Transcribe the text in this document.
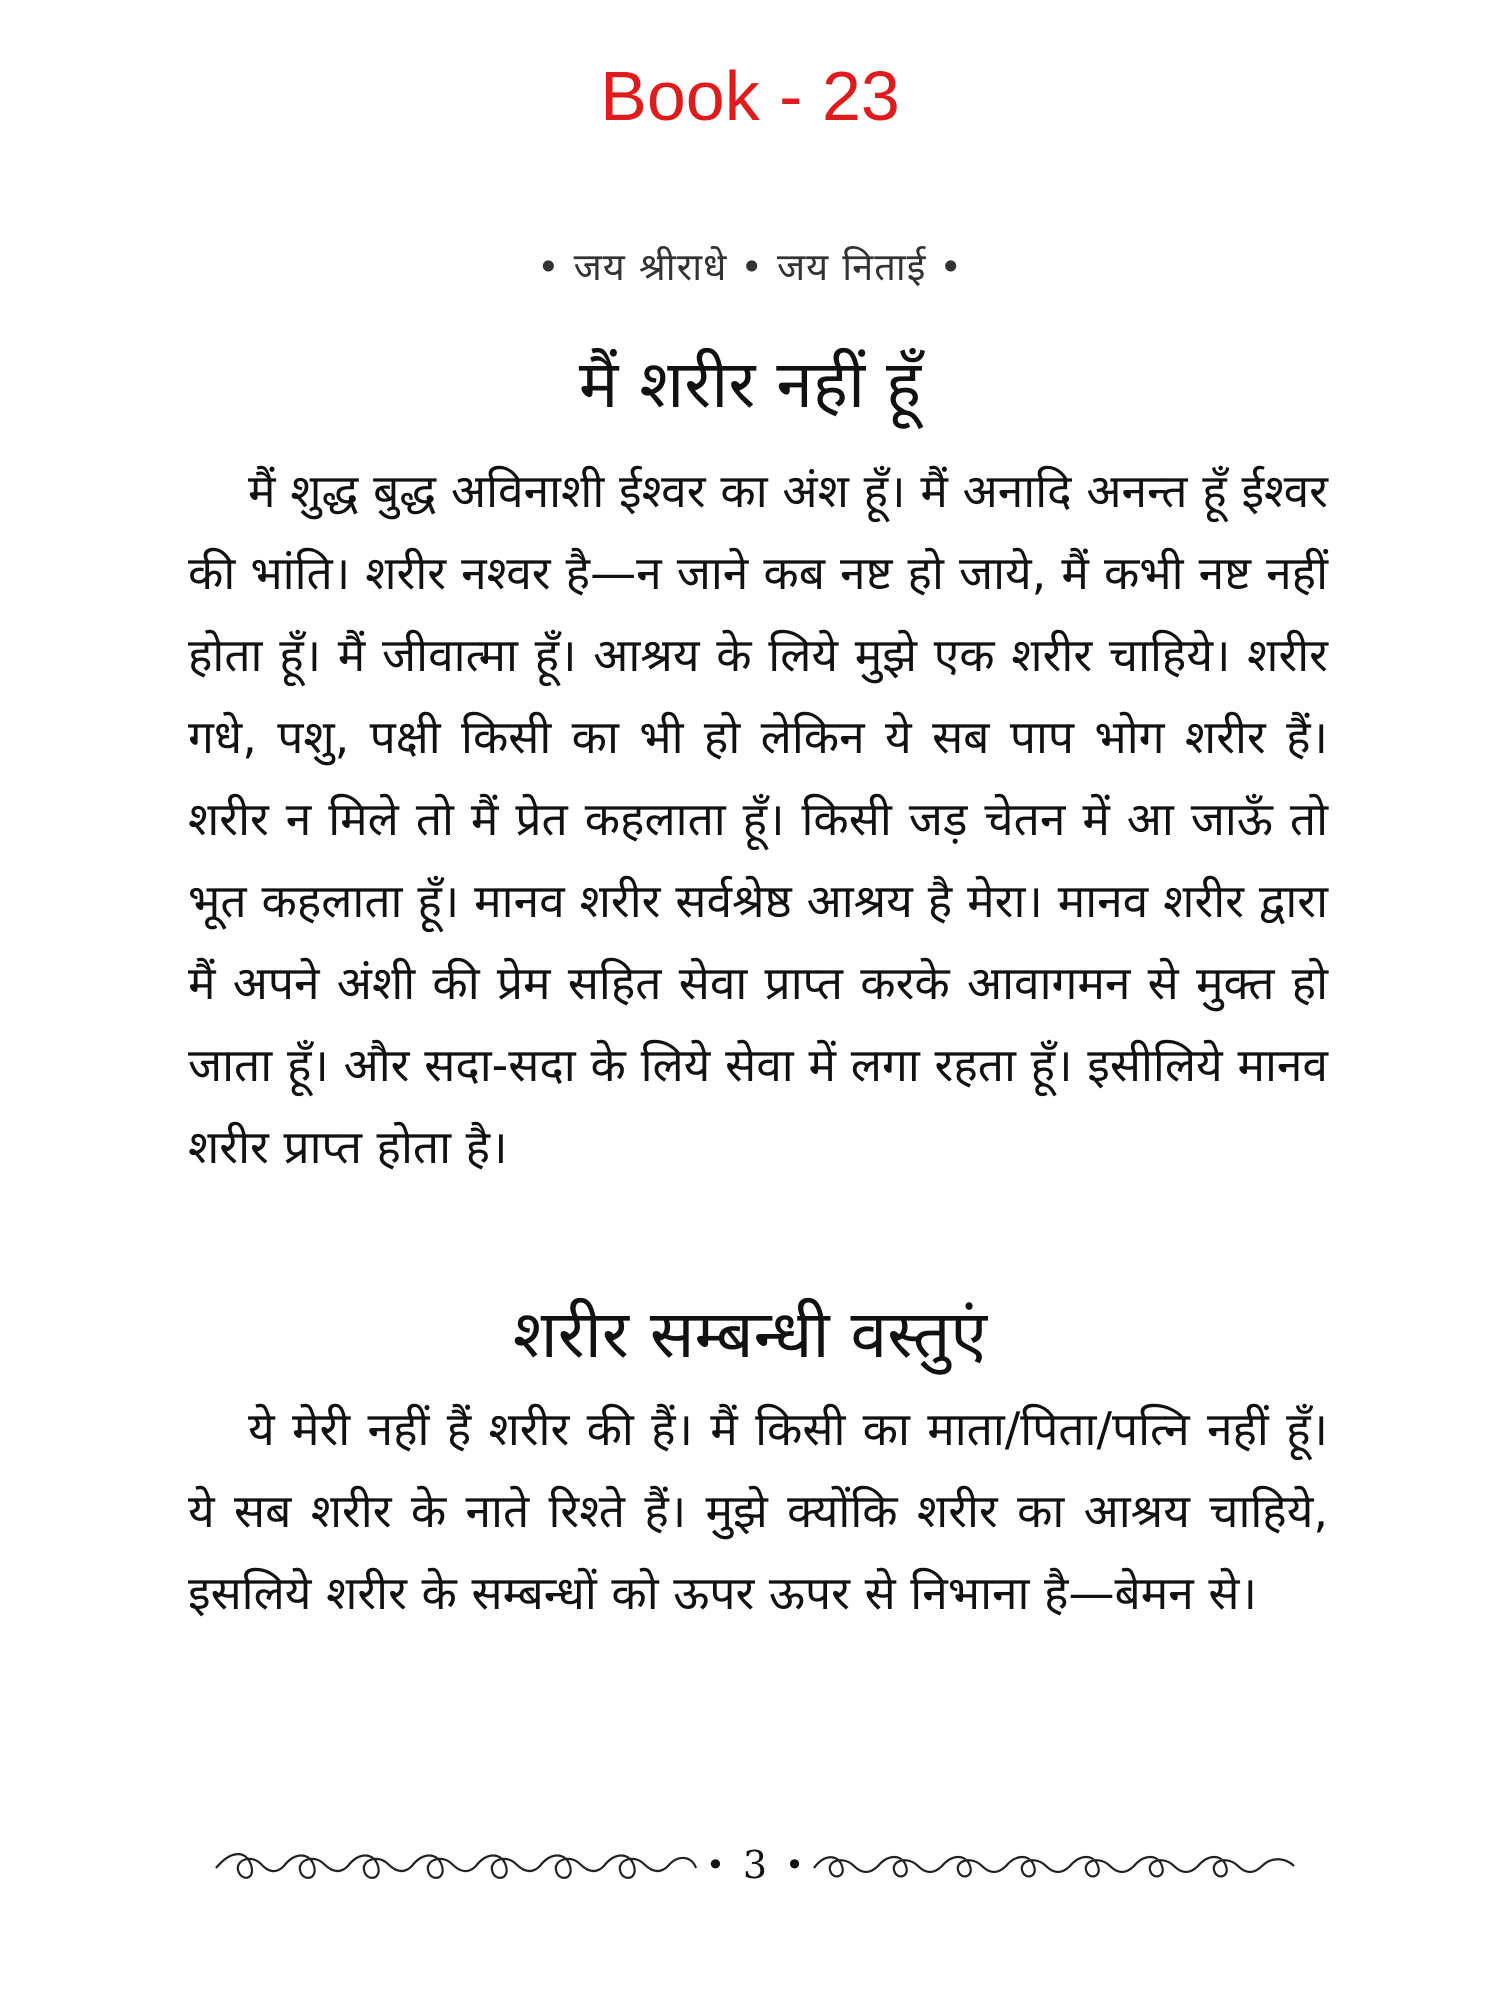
Book - 23
• जय श्रीराधे • जय निताई •
मैं शरीर नहीं हूँ

मैं शुद्ध बुद्ध अविनाशी ईश्वर का अंश हूँ। मैं अनादि अनन्त हूँ ईश्वर की भांति। शरीर नश्वर है—न जाने कब नष्ट हो जाये, मैं कभी नष्ट नहीं होता हूँ। मैं जीवात्मा हूँ। आश्रय के लिये मुझे एक शरीर चाहिये। शरीर गधे, पशु, पक्षी किसी का भी हो लेकिन ये सब पाप भोग शरीर हैं। शरीर न मिले तो मैं प्रेत कहलाता हूँ। किसी जड़ चेतन में आ जाऊँ तो भूत कहलाता हूँ। मानव शरीर सर्वश्रेष्ठ आश्रय है मेरा। मानव शरीर द्वारा मैं अपने अंशी की प्रेम सहित सेवा प्राप्त करके आवागमन से मुक्त हो जाता हूँ। और सदा-सदा के लिये सेवा में लगा रहता हूँ। इसीलिये मानव शरीर प्राप्त होता है।

शरीर सम्बन्धी वस्तुएं

ये मेरी नहीं हैं शरीर की हैं। मैं किसी का माता/पिता/पत्नि नहीं हूँ। ये सब शरीर के नाते रिश्ते हैं। मुझे क्योंकि शरीर का आश्रय चाहिये, इसलिये शरीर के सम्बन्धों को ऊपर ऊपर से निभाना है—बेमन से।

• 3 •
